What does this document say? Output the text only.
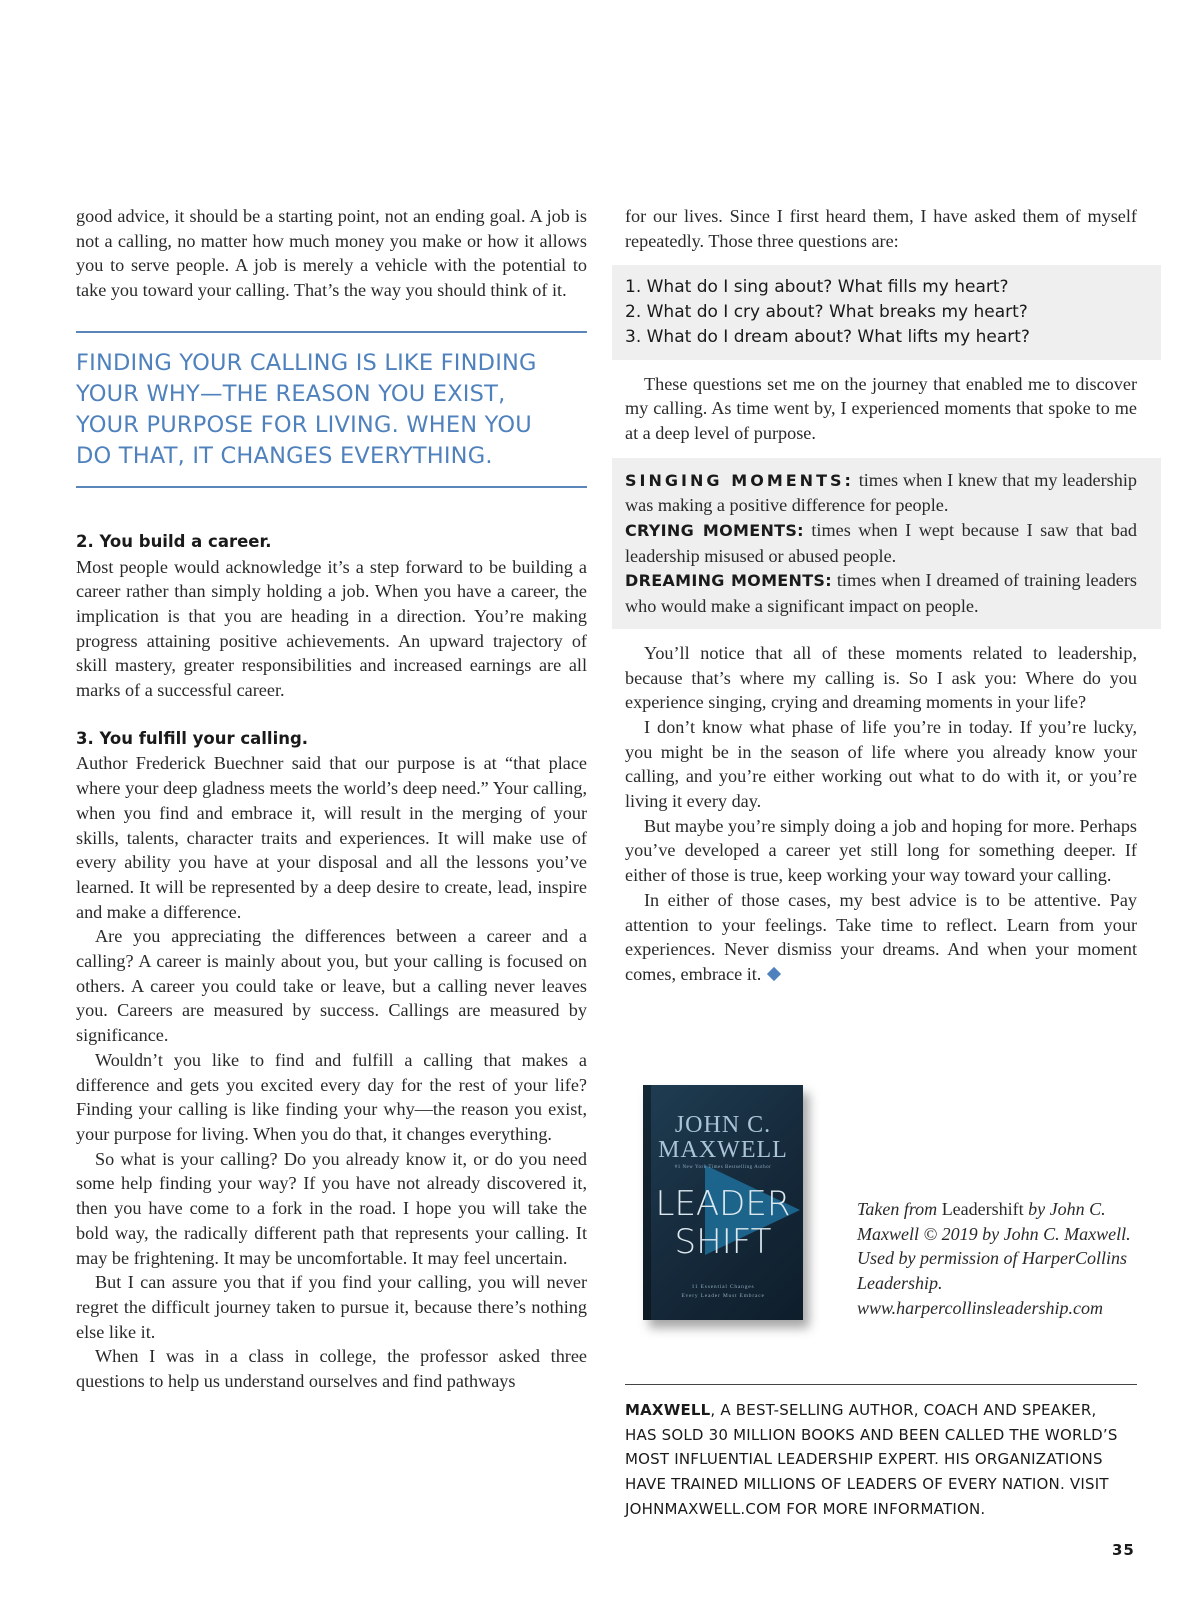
good advice, it should be a starting point, not an ending goal. A job is not a calling, no matter how much money you make or how it allows you to serve people. A job is merely a vehicle with the potential to take you toward your calling. That’s the way you should think of it.

FINDING YOUR CALLING IS LIKE FINDING
YOUR WHY—THE REASON YOU EXIST,
YOUR PURPOSE FOR LIVING. WHEN YOU
DO THAT, IT CHANGES EVERYTHING.

2. You build a career.

Most people would acknowledge it’s a step forward to be building a career rather than simply holding a job. When you have a career, the implication is that you are heading in a direction. You’re making progress attaining positive achievements. An upward trajectory of skill mastery, greater responsibilities and increased earnings are all marks of a successful career.

3. You fulfill your calling.

Author Frederick Buechner said that our purpose is at “that place where your deep gladness meets the world’s deep need.” Your calling, when you find and embrace it, will result in the merging of your skills, talents, character traits and experiences. It will make use of every ability you have at your disposal and all the lessons you’ve learned. It will be represented by a deep desire to create, lead, inspire and make a difference.

Are you appreciating the differences between a career and a calling? A career is mainly about you, but your calling is focused on others. A career you could take or leave, but a calling never leaves you. Careers are measured by success. Callings are measured by significance.

Wouldn’t you like to find and fulfill a calling that makes a difference and gets you excited every day for the rest of your life? Finding your calling is like finding your why—the reason you exist, your purpose for living. When you do that, it changes everything.

So what is your calling? Do you already know it, or do you need some help finding your way? If you have not already discovered it, then you have come to a fork in the road. I hope you will take the bold way, the radically different path that represents your calling. It may be frightening. It may be uncomfortable. It may feel uncertain.

But I can assure you that if you find your calling, you will never regret the difficult journey taken to pursue it, because there’s nothing else like it.

When I was in a class in college, the professor asked three questions to help us understand ourselves and find pathways

for our lives. Since I first heard them, I have asked them of myself repeatedly. Those three questions are:

1. What do I sing about? What fills my heart?
2. What do I cry about? What breaks my heart?
3. What do I dream about? What lifts my heart?

These questions set me on the journey that enabled me to discover my calling. As time went by, I experienced moments that spoke to me at a deep level of purpose.

SINGING MOMENTS: times when I knew that my leadership was making a positive difference for people.

CRYING MOMENTS: times when I wept because I saw that bad leadership misused or abused people.

DREAMING MOMENTS: times when I dreamed of training leaders who would make a significant impact on people.

You’ll notice that all of these moments related to leadership, because that’s where my calling is. So I ask you: Where do you experience singing, crying and dreaming moments in your life?

I don’t know what phase of life you’re in today. If you’re lucky, you might be in the season of life where you already know your calling, and you’re either working out what to do with it, or you’re living it every day.

But maybe you’re simply doing a job and hoping for more. Perhaps you’ve developed a career yet still long for something deeper. If either of those is true, keep working your way toward your calling.

In either of those cases, my best advice is to be attentive. Pay attention to your feelings. Take time to reflect. Learn from your experiences. Never dismiss your dreams. And when your moment comes, embrace it.

JOHN C.
MAXWELL
#1 New York Times Bestselling Author
LEADER
SHIFT
11 Essential Changes
Every Leader Must Embrace
Taken from Leadershift by John C. Maxwell © 2019 by John C. Maxwell. Used by permission of HarperCollins Leadership. www.harpercollinsleadership.com
MAXWELL, A BEST-SELLING AUTHOR, COACH AND SPEAKER,
HAS SOLD 30 MILLION BOOKS AND BEEN CALLED THE WORLD’S
MOST INFLUENTIAL LEADERSHIP EXPERT. HIS ORGANIZATIONS
HAVE TRAINED MILLIONS OF LEADERS OF EVERY NATION. VISIT
JOHNMAXWELL.COM FOR MORE INFORMATION.
35
